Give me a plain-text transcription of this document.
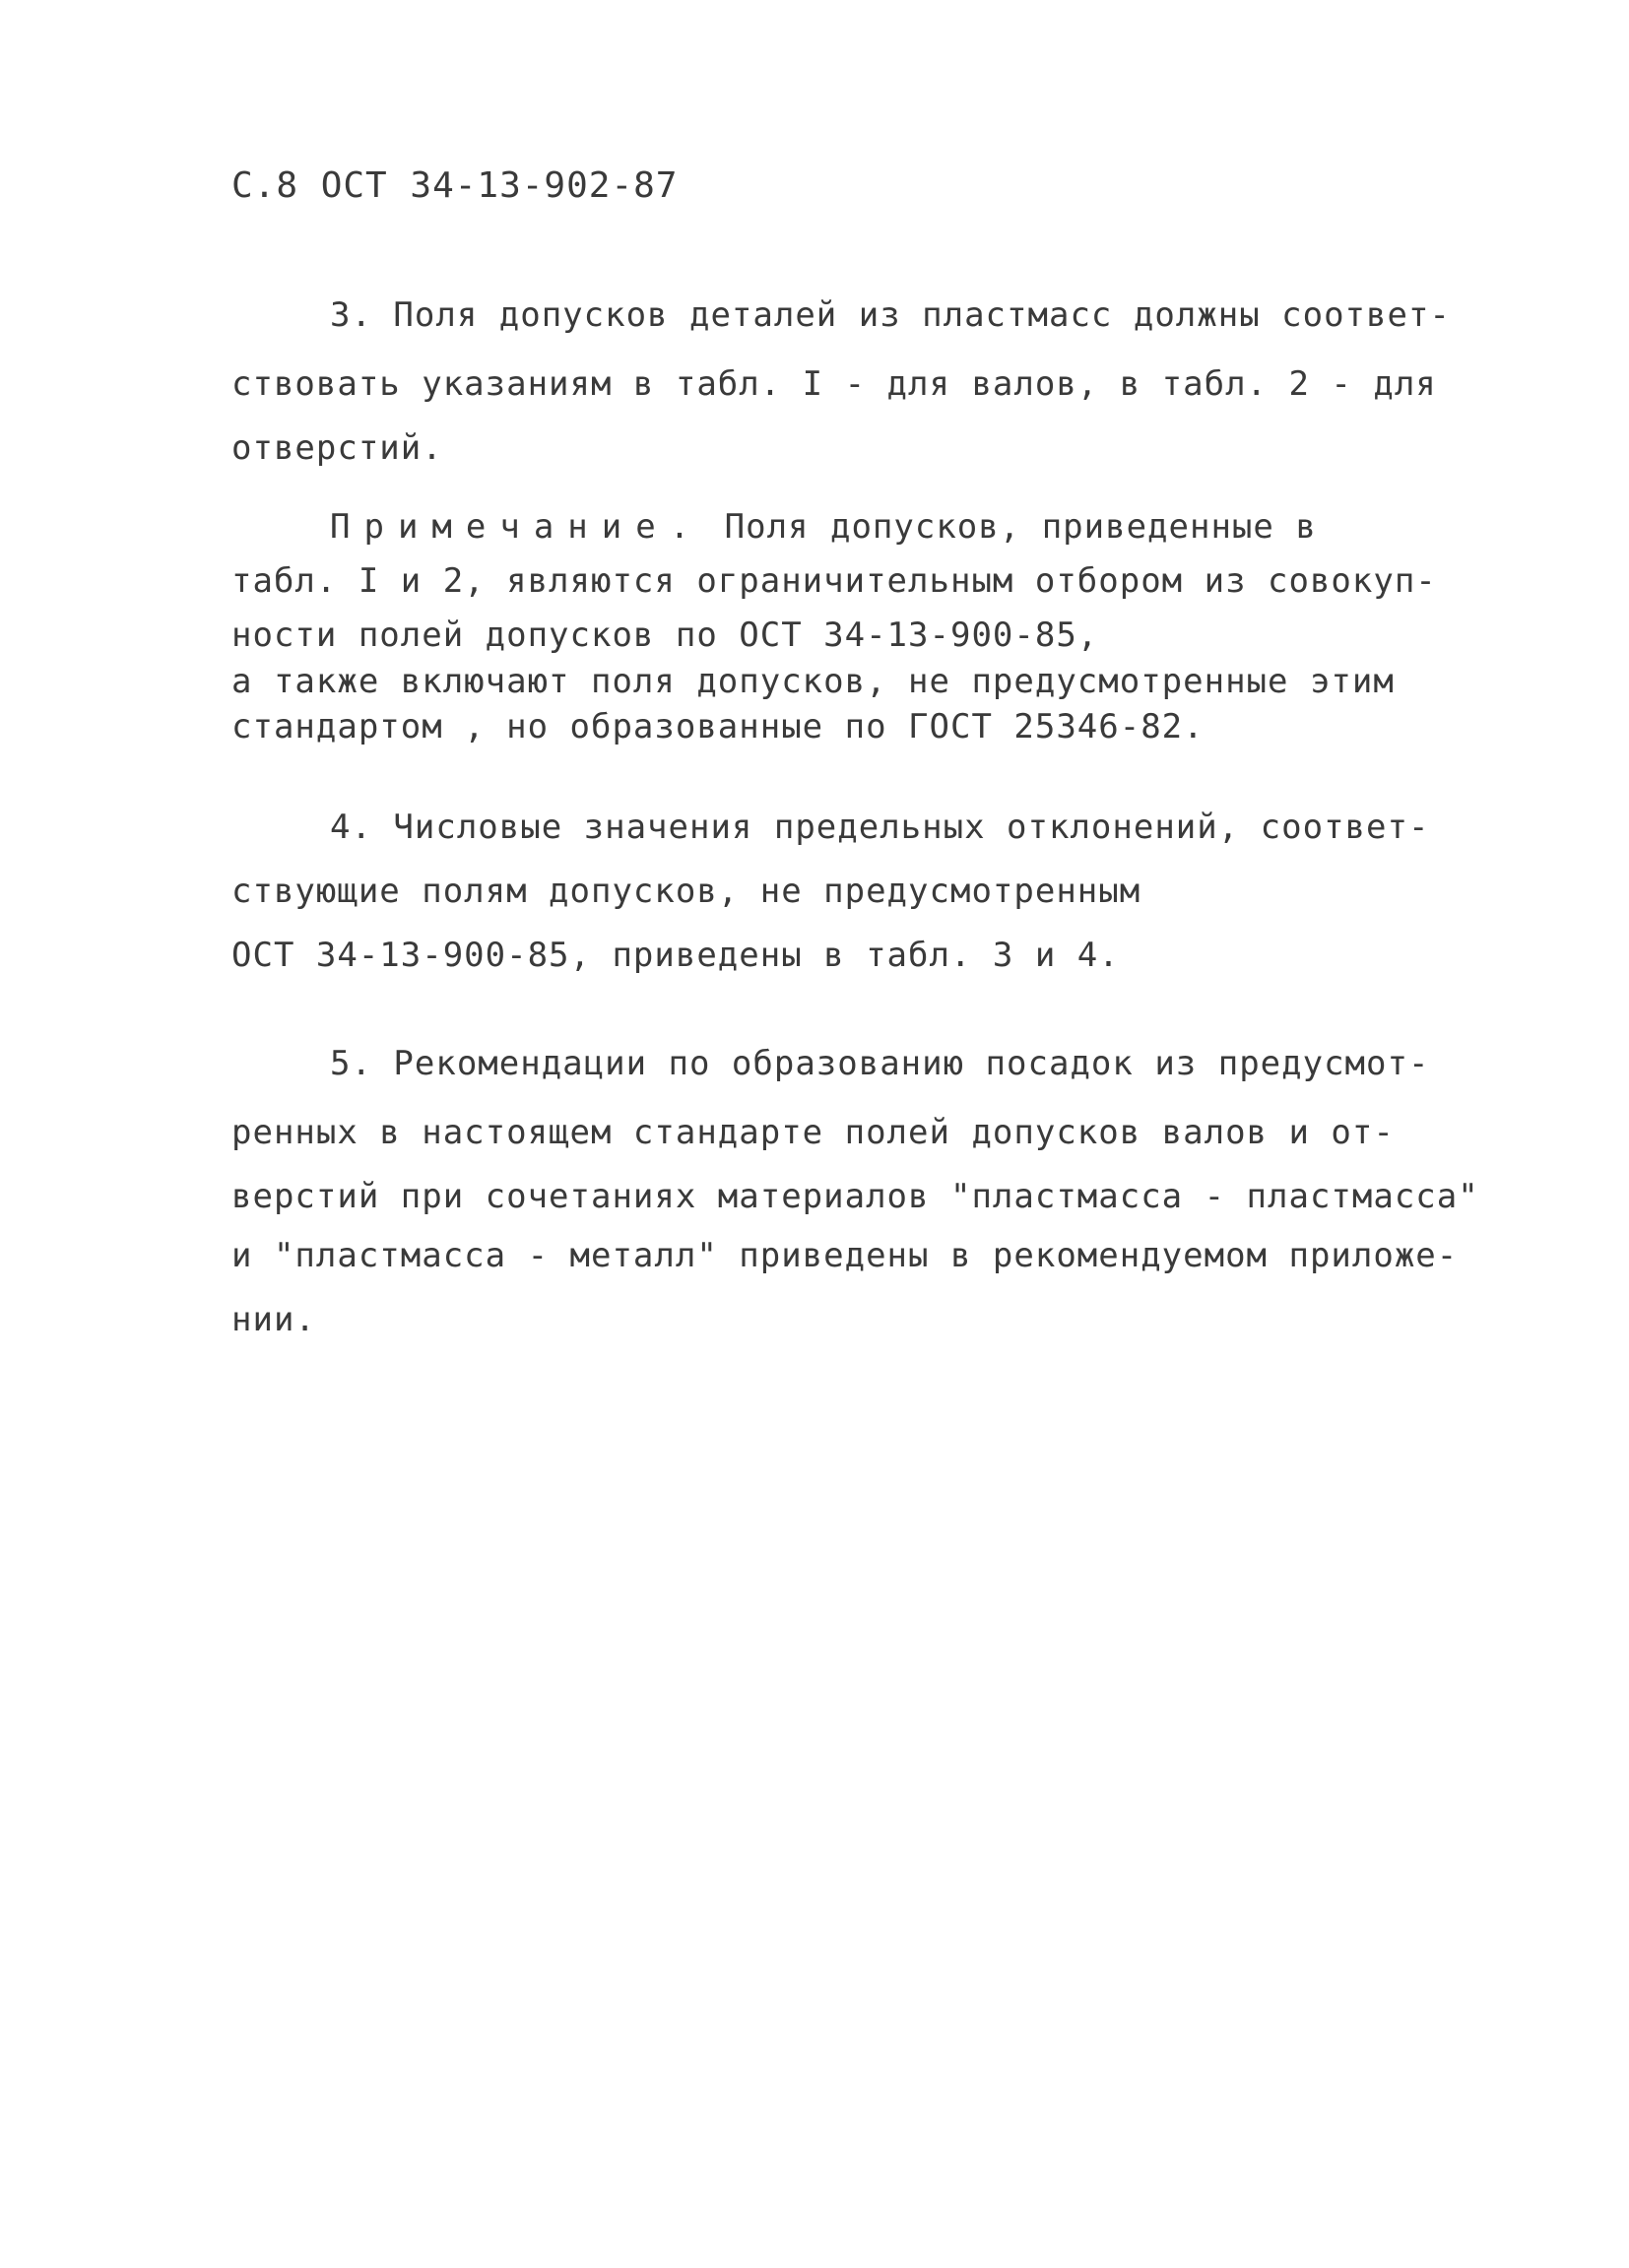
С.8 ОСТ 34-13-902-87
3. Поля допусков деталей из пластмасс должны соответ-
ствовать указаниям в табл. I - для валов, в табл. 2 - для
отверстий.
Примечание. Поля допусков, приведенные в
табл. I и 2, являются ограничительным отбором из совокуп-
ности полей допусков по ОСТ 34-13-900-85,
а также включают поля допусков, не предусмотренные этим
стандартом , но образованные по ГОСТ 25346-82.
4. Числовые значения предельных отклонений, соответ-
ствующие полям допусков, не предусмотренным
ОСТ 34-13-900-85, приведены в табл. 3 и 4.
5. Рекомендации по образованию посадок из предусмот-
ренных в настоящем стандарте полей допусков валов и от-
верстий при сочетаниях материалов "пластмасса - пластмасса"
и "пластмасса - металл" приведены в рекомендуемом приложе-
нии.
